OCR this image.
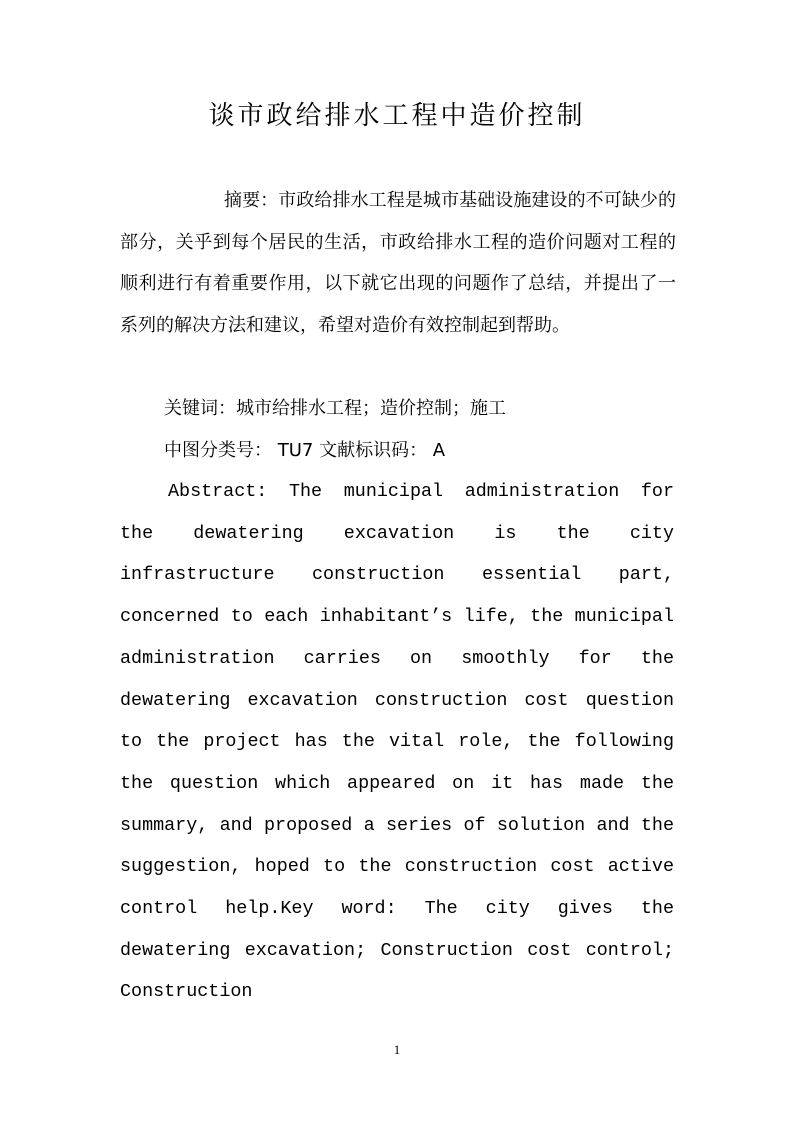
谈市政给排水工程中造价控制

摘要：市政给排水工程是城市基础设施建设的不可缺少的部分，关乎到每个居民的生活，市政给排水工程的造价问题对工程的顺利进行有着重要作用，以下就它出现的问题作了总结，并提出了一系列的解决方法和建议，希望对造价有效控制起到帮助。

关键词：城市给排水工程；造价控制；施工

中图分类号： TU7 文献标识码： A

Abstract: The municipal administration for the dewatering excavation is the city infrastructure construction essential part, concerned to each inhabitant’s life, the municipal administration carries on smoothly for the dewatering excavation construction cost question to the project has the vital role, the following the question which appeared on it has made the summary, and proposed a series of solution and the suggestion, hoped to the construction cost active control help.Key word: The city gives the dewatering excavation; Construction cost control; Construction

1
